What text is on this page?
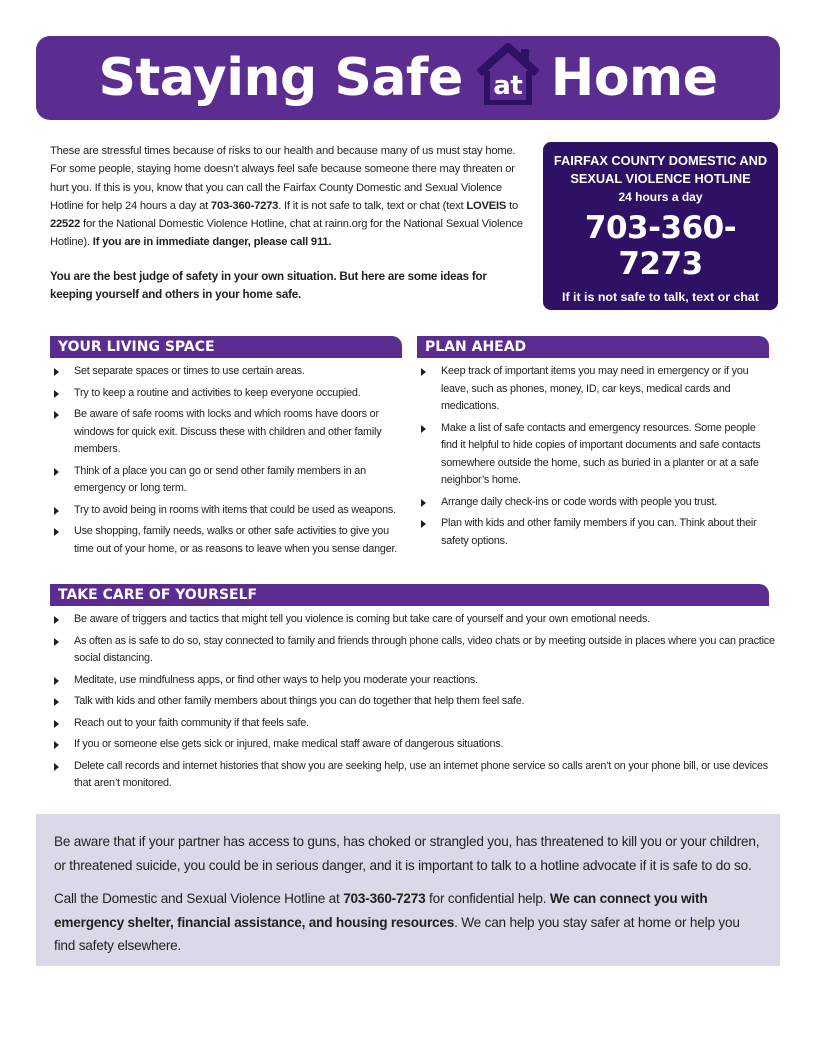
Staying Safe	at Home
These are stressful times because of risks to our health and because many of us must stay home. For some people, staying home doesn’t always feel safe because someone there may threaten or hurt you. If this is you, know that you can call the Fairfax County Domestic and Sexual Violence Hotline for help 24 hours a day at 703-360-7273. If it is not safe to talk, text or chat (text LOVEIS to 22522 for the National Domestic Violence Hotline, chat at rainn.org for the National Sexual Violence Hotline). If you are in immediate danger, please call 911.
You are the best judge of safety in your own situation. But here are some ideas for keeping yourself and others in your home safe.
FAIRFAX COUNTY DOMESTIC AND SEXUAL VIOLENCE HOTLINE
24 hours a day
703-360-7273
If it is not safe to talk, text or chat
LOVEIS to 22522
YOUR LIVING SPACE
Set separate spaces or times to use certain areas.
Try to keep a routine and activities to keep everyone occupied.
Be aware of safe rooms with locks and which rooms have doors or windows for quick exit. Discuss these with children and other family members.
Think of a place you can go or send other family members in an emergency or long term.
Try to avoid being in rooms with items that could be used as weapons.
Use shopping, family needs, walks or other safe activities to give you time out of your home, or as reasons to leave when you sense danger.
PLAN AHEAD
Keep track of important items you may need in emergency or if you leave, such as phones, money, ID, car keys, medical cards and medications.
Make a list of safe contacts and emergency resources. Some people find it helpful to hide copies of important documents and safe contacts somewhere outside the home, such as buried in a planter or at a safe neighbor’s home.
Arrange daily check-ins or code words with people you trust.
Plan with kids and other family members if you can. Think about their safety options.
TAKE CARE OF YOURSELF
Be aware of triggers and tactics that might tell you violence is coming but take care of yourself and your own emotional needs.
As often as is safe to do so, stay connected to family and friends through phone calls, video chats or by meeting outside in places where you can practice social distancing.
Meditate, use mindfulness apps, or find other ways to help you moderate your reactions.
Talk with kids and other family members about things you can do together that help them feel safe.
Reach out to your faith community if that feels safe.
If you or someone else gets sick or injured, make medical staff aware of dangerous situations.
Delete call records and internet histories that show you are seeking help, use an internet phone service so calls aren’t on your phone bill, or use devices that aren’t monitored.

Be aware that if your partner has access to guns, has choked or strangled you, has threatened to kill you or your children, or threatened suicide, you could be in serious danger, and it is important to talk to a hotline advocate if it is safe to do so.

Call the Domestic and Sexual Violence Hotline at 703-360-7273 for confidential help. We can connect you with emergency shelter, financial assistance, and housing resources. We can help you stay safer at home or help you find safety elsewhere.
